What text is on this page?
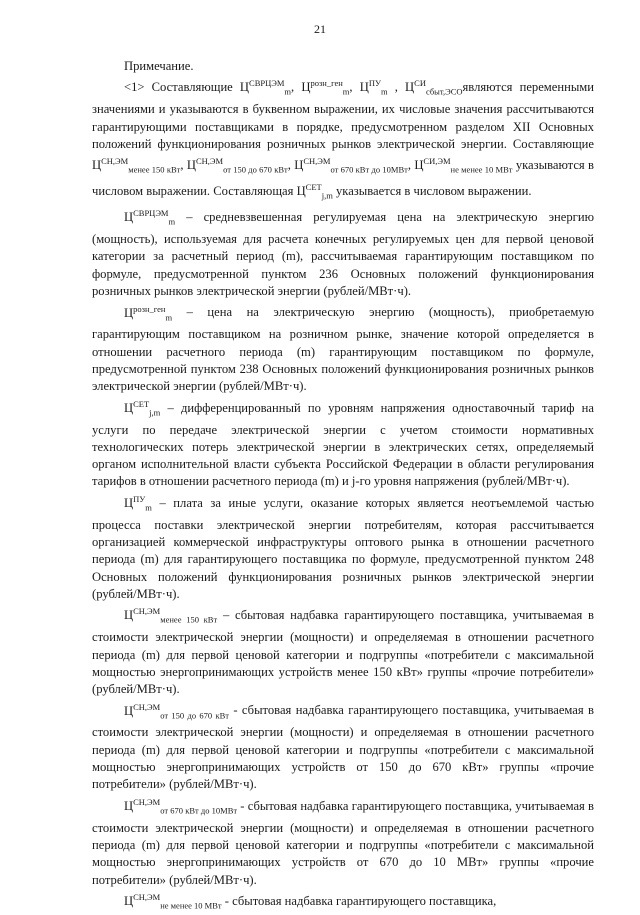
21

Примечание.

<1> Составляющие $Ц^{СВРЦЭМ}_m$, $Ц^{розн\_ген}_m$, $Ц^{ПУ}_m$ , $Ц^{СИ}_{сбыт,ЭСО}являются$ переменными значениями и указываются в буквенном выражении, их числовые значения рассчитываются гарантирующими поставщиками в порядке, предусмотренном разделом XII Основных положений функционирования розничных рынков электрической энергии. Составляющие $Ц^{СН,ЭМ}_{менее 150 кВт}$, $Ц^{СН,ЭМ}_{от 150 до 670 кВт}$, $Ц^{СН,ЭМ}_{от 670 кВт до 10МВт}$, $Ц^{СИ,ЭМ}_{не менее 10 МВт}$ указываются в числовом выражении. Составляющая $Ц^{СЕТ}_{j,m}$ указывается в числовом выражении.

$Ц^{СВРЦЭМ}_m$ – средневзвешенная регулируемая цена на электрическую энергию (мощность), используемая для расчета конечных регулируемых цен для первой ценовой категории за расчетный период (m), рассчитываемая гарантирующим поставщиком по формуле, предусмотренной пунктом 236 Основных положений функционирования розничных рынков электрической энергии (рублей/МВт·ч).

$Ц^{розн\_ген}_m$ – цена на электрическую энергию (мощность), приобретаемую гарантирующим поставщиком на розничном рынке, значение которой определяется в отношении расчетного периода (m) гарантирующим поставщиком по формуле, предусмотренной пунктом 238 Основных положений функционирования розничных рынков электрической энергии (рублей/МВт·ч).

$Ц^{СЕТ}_{j,m}$ – дифференцированный по уровням напряжения одноставочный тариф на услуги по передаче электрической энергии с учетом стоимости нормативных технологических потерь электрической энергии в электрических сетях, определяемый органом исполнительной власти субъекта Российской Федерации в области регулирования тарифов в отношении расчетного периода (m) и j-го уровня напряжения (рублей/МВт·ч).

$Ц^{ПУ}_m$ – плата за иные услуги, оказание которых является неотъемлемой частью процесса поставки электрической энергии потребителям, которая рассчитывается организацией коммерческой инфраструктуры оптового рынка в отношении расчетного периода (m) для гарантирующего поставщика по формуле, предусмотренной пунктом 248 Основных положений функционирования розничных рынков электрической энергии (рублей/МВт·ч).

$Ц^{СН,ЭМ}_{менее 150 кВт}$ – сбытовая надбавка гарантирующего поставщика, учитываемая в стоимости электрической энергии (мощности) и определяемая в отношении расчетного периода (m) для первой ценовой категории и подгруппы «потребители с максимальной мощностью энергопринимающих устройств менее 150 кВт» группы «прочие потребители» (рублей/МВт·ч).

$Ц^{СН,ЭМ}_{от 150 до 670 кВт}$ - сбытовая надбавка гарантирующего поставщика, учитываемая в стоимости электрической энергии (мощности) и определяемая в отношении расчетного периода (m) для первой ценовой категории и подгруппы «потребители с максимальной мощностью энергопринимающих устройств от 150 до 670 кВт» группы «прочие потребители» (рублей/МВт·ч).

$Ц^{СН,ЭМ}_{от 670 кВт до 10МВт}$ - сбытовая надбавка гарантирующего поставщика, учитываемая в стоимости электрической энергии (мощности) и определяемая в отношении расчетного периода (m) для первой ценовой категории и подгруппы «потребители с максимальной мощностью энергопринимающих устройств от 670 до 10 МВт» группы «прочие потребители» (рублей/МВт·ч).

$Ц^{СН,ЭМ}_{не менее 10 МВт}$ - сбытовая надбавка гарантирующего поставщика,
